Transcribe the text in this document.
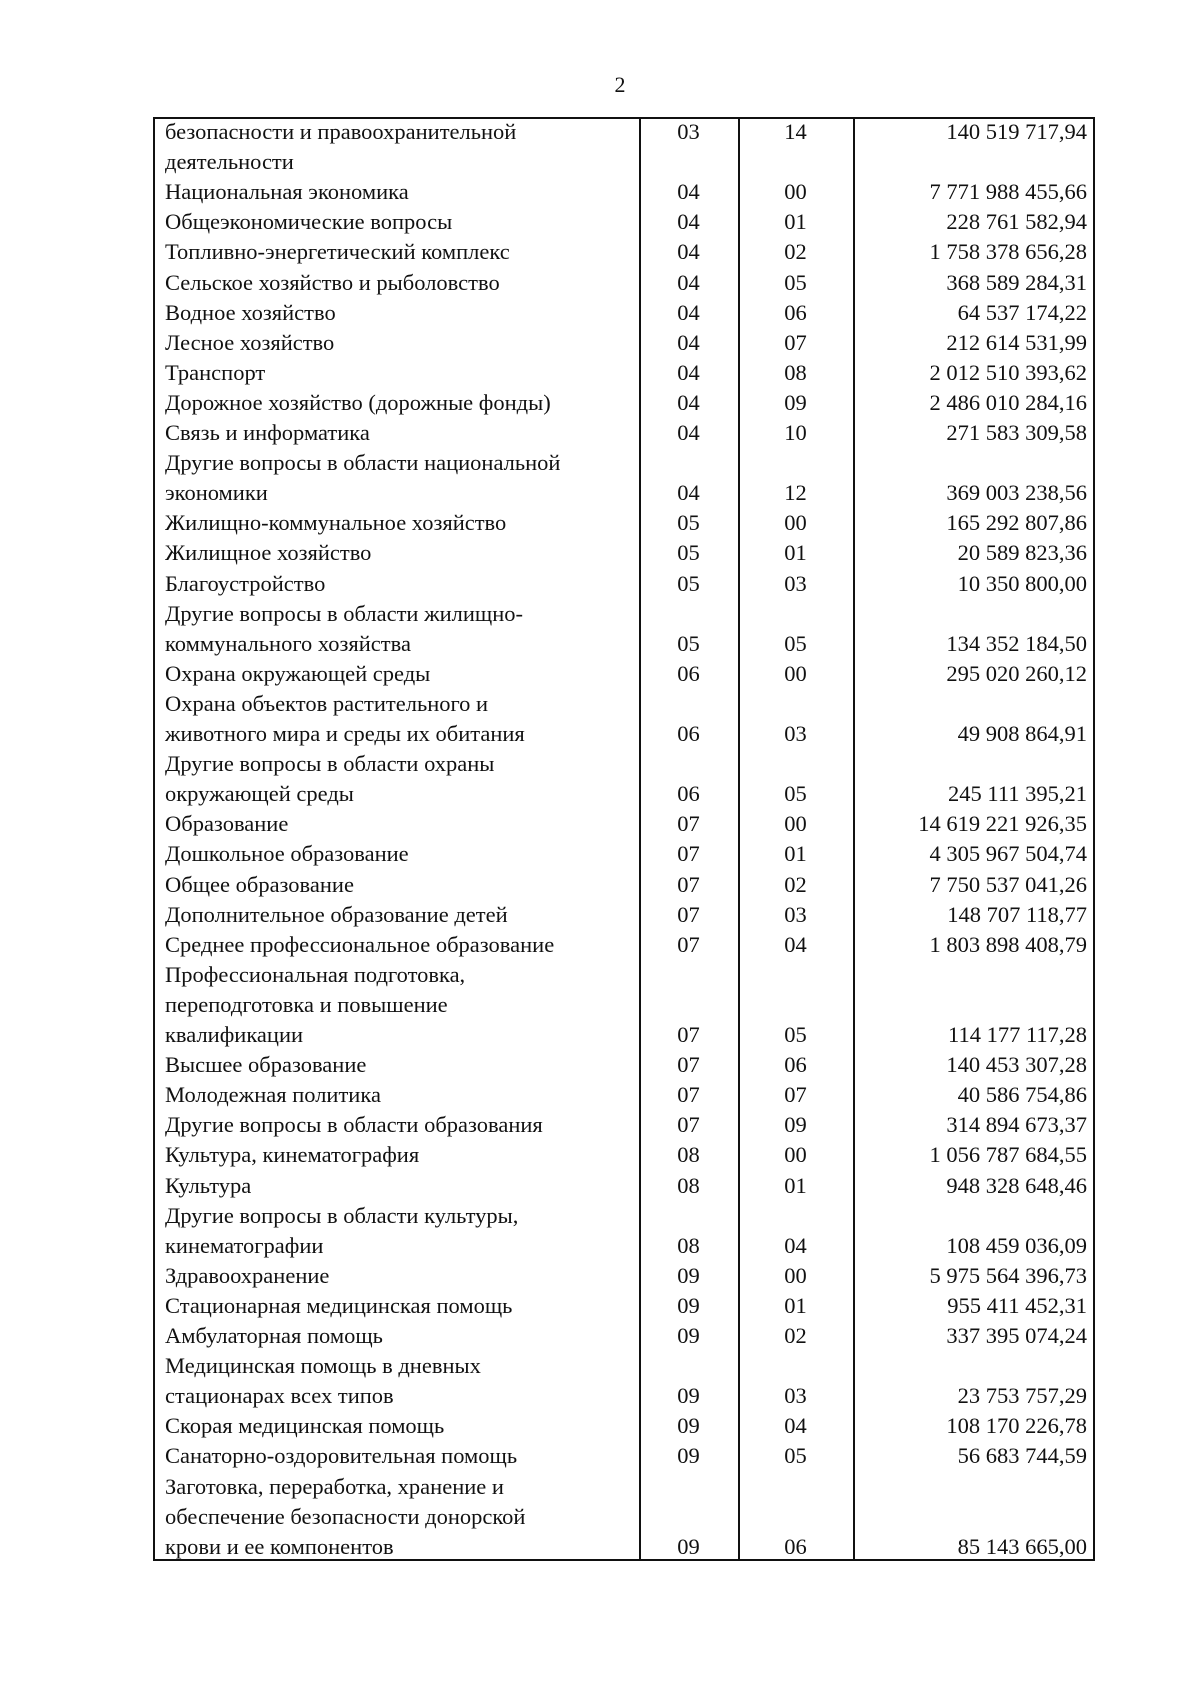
2
безопасности и правоохранительной
деятельности
03	14	140 519 717,94
Национальная экономика	04	00	7 771 988 455,66
Общеэкономические вопросы	04	01	228 761 582,94
Топливно-энергетический комплекс	04	02	1 758 378 656,28
Сельское хозяйство и рыболовство	04	05	368 589 284,31
Водное хозяйство	04	06	64 537 174,22
Лесное хозяйство	04	07	212 614 531,99
Транспорт	04	08	2 012 510 393,62
Дорожное хозяйство (дорожные фонды)	04	09	2 486 010 284,16
Связь и информатика	04	10	271 583 309,58
Другие вопросы в области национальной
экономики	04	12	369 003 238,56
Жилищно-коммунальное хозяйство	05	00	165 292 807,86
Жилищное хозяйство	05	01	20 589 823,36
Благоустройство	05	03	10 350 800,00
Другие вопросы в области жилищно-
коммунального хозяйства	05	05	134 352 184,50
Охрана окружающей среды	06	00	295 020 260,12
Охрана объектов растительного и
животного мира и среды их обитания	06	03	49 908 864,91
Другие вопросы в области охраны
окружающей среды	06	05	245 111 395,21
Образование	07	00	14 619 221 926,35
Дошкольное образование	07	01	4 305 967 504,74
Общее образование	07	02	7 750 537 041,26
Дополнительное образование детей	07	03	148 707 118,77
Среднее профессиональное образование	07	04	1 803 898 408,79
Профессиональная подготовка,
переподготовка и повышение
квалификации	07	05	114 177 117,28
Высшее образование	07	06	140 453 307,28
Молодежная политика	07	07	40 586 754,86
Другие вопросы в области образования	07	09	314 894 673,37
Культура, кинематография	08	00	1 056 787 684,55
Культура	08	01	948 328 648,46
Другие вопросы в области культуры,
кинематографии	08	04	108 459 036,09
Здравоохранение	09	00	5 975 564 396,73
Стационарная медицинская помощь	09	01	955 411 452,31
Амбулаторная помощь	09	02	337 395 074,24
Медицинская помощь в дневных
стационарах всех типов	09	03	23 753 757,29
Скорая медицинская помощь	09	04	108 170 226,78
Санаторно-оздоровительная помощь	09	05	56 683 744,59
Заготовка, переработка, хранение и
обеспечение безопасности донорской
крови и ее компонентов	09	06	85 143 665,00
